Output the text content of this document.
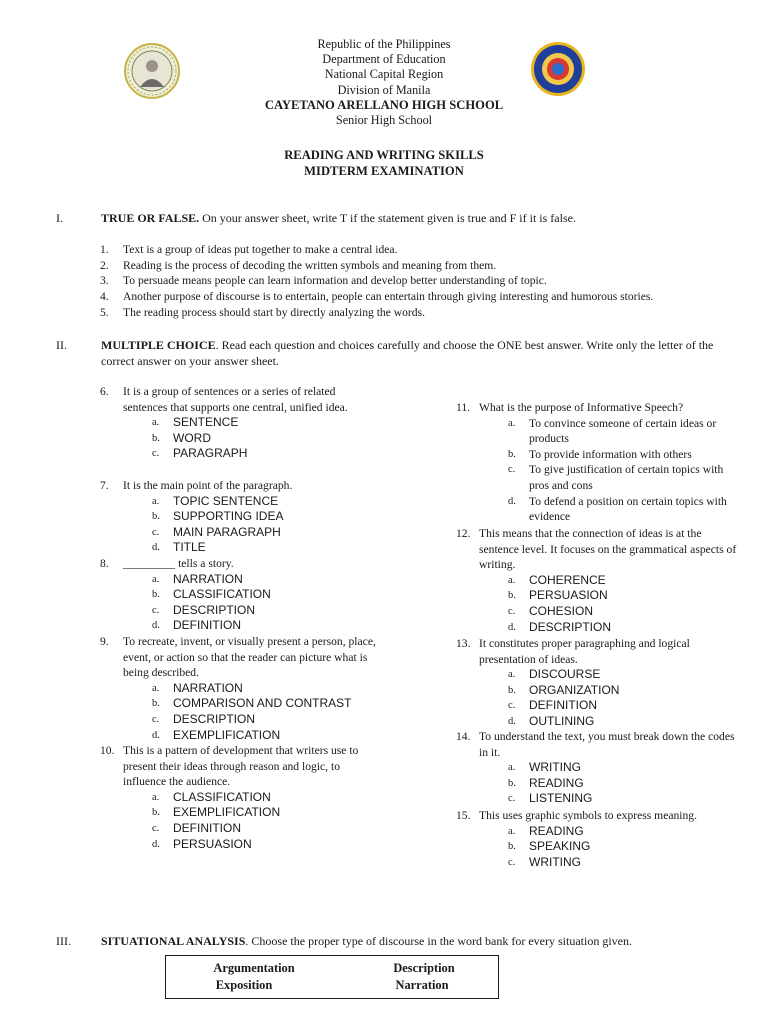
Republic of the Philippines
Department of Education
National Capital Region
Division of Manila
CAYETANO ARELLANO HIGH SCHOOL
Senior High School
READING AND WRITING SKILLS
MIDTERM EXAMINATION
I.	TRUE OR FALSE. On your answer sheet, write T if the statement given is true and F if it is false.
1.	Text is a group of ideas put together to make a central idea.
2.	Reading is the process of decoding the written symbols and meaning from them.
3.	To persuade means people can learn information and develop better understanding of topic.
4.	Another purpose of discourse is to entertain, people can entertain through giving interesting and humorous stories.
5.	The reading process should start by directly analyzing the words.
II.	MULTIPLE CHOICE. Read each question and choices carefully and choose the ONE best answer. Write only the letter of the correct answer on your answer sheet.
6.	It is a group of sentences or a series of related sentences that supports one central, unified idea.
a.	SENTENCE
b.	WORD
c.	PARAGRAPH
7.	It is the main point of the paragraph.
a.	TOPIC SENTENCE
b.	SUPPORTING IDEA
c.	MAIN PARAGRAPH
d.	TITLE
8.	_________ tells a story.
a.	NARRATION
b.	CLASSIFICATION
c.	DESCRIPTION
d.	DEFINITION
9.	To recreate, invent, or visually present a person, place, event, or action so that the reader can picture what is being described.
a.	NARRATION
b.	COMPARISON AND CONTRAST
c.	DESCRIPTION
d.	EXEMPLIFICATION
10. This is a pattern of development that writers use to present their ideas through reason and logic, to influence the audience.
a.	CLASSIFICATION
b.	EXEMPLIFICATION
c.	DEFINITION
d.	PERSUASION
11. What is the purpose of Informative Speech?
a.	To convince someone of certain ideas or products
b.	To provide information with others
c.	To give justification of certain topics with pros and cons
d.	To defend a position on certain topics with evidence
12. This means that the connection of ideas is at the sentence level. It focuses on the grammatical aspects of writing.
a.	COHERENCE
b.	PERSUASION
c.	COHESION
d.	DESCRIPTION
13. It constitutes proper paragraphing and logical presentation of ideas.
a.	DISCOURSE
b.	ORGANIZATION
c.	DEFINITION
d.	OUTLINING
14. To understand the text, you must break down the codes in it.
a.	WRITING
b.	READING
c.	LISTENING
15. This uses graphic symbols to express meaning.
a.	READING
b.	SPEAKING
c.	WRITING
III.	SITUATIONAL ANALYSIS. Choose the proper type of discourse in the word bank for every situation given.
Argumentation	Description
Exposition	Narration
